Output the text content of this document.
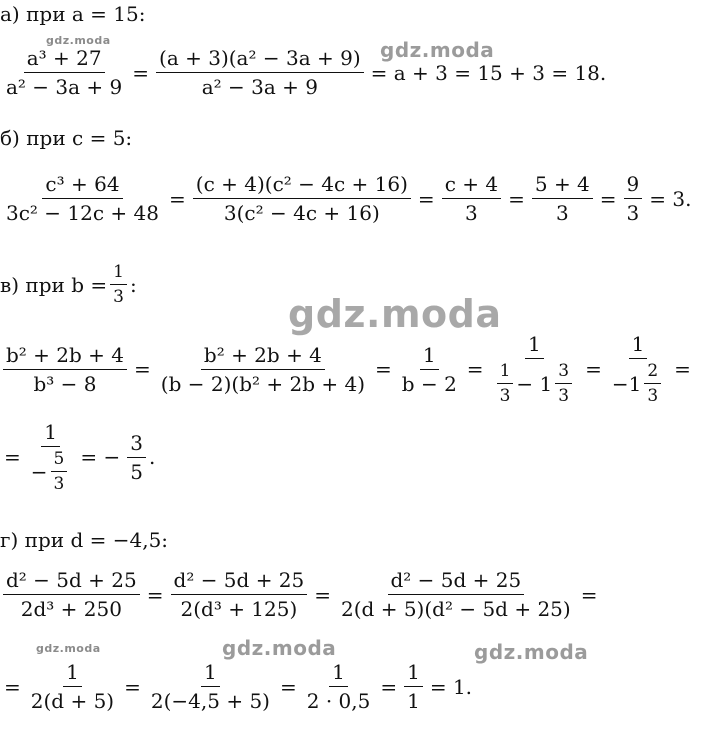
а) при a = 15:
$\frac{\text{a³ + 27}}{\text{a² − 3a + 9}} = \frac{\text{(a + 3)(a² − 3a + 9)}}{\text{a² − 3a + 9}} = a + 3 = 15 + 3 = 18$.
б) при c = 5:
$\frac{\text{c³ + 64}}{\text{3c² − 12c + 48}} = \frac{\text{(c + 4)(c² − 4c + 16)}}{\text{3(c² − 4c + 16)}} = \frac{c + 4}{3} = \frac{5 + 4}{3} = \frac{9}{3} = 3$.
в) при $b = \frac{1}{3}$ :
$\frac{\text{b² + 2b + 4}}{\text{b³ − 8}} = \frac{\text{b² + 2b + 4}}{\text{(b − 2)(b² + 2b + 4)}} = \frac{1}{b - 2} = \frac{1}{\frac{1}{3} - 1 \frac{3}{3}} = \frac{1}{-1 \frac{2}{3}}$ =
= $\frac{1}{- \frac{5}{3}}$ = − $\frac{3}{5}$ .
г) при d = −4,5:
$\frac{\text{d² − 5d + 25}}{\text{2d³ + 250}} = \frac{\text{d² − 5d + 25}}{\text{2(d³ + 125)}} = \frac{\text{d² − 5d + 25}}{\text{2(d + 5)(d² − 5d + 25)}}$ =
= $\frac{1}{2(d + 5)} = \frac{1}{2(-4,5 + 5)} = \frac{1}{2 \cdot 0,5} = \frac{1}{1} = 1$.
gdz.moda	gdz.moda
gdz.moda
gdz.moda	gdz.moda
gdz.moda
